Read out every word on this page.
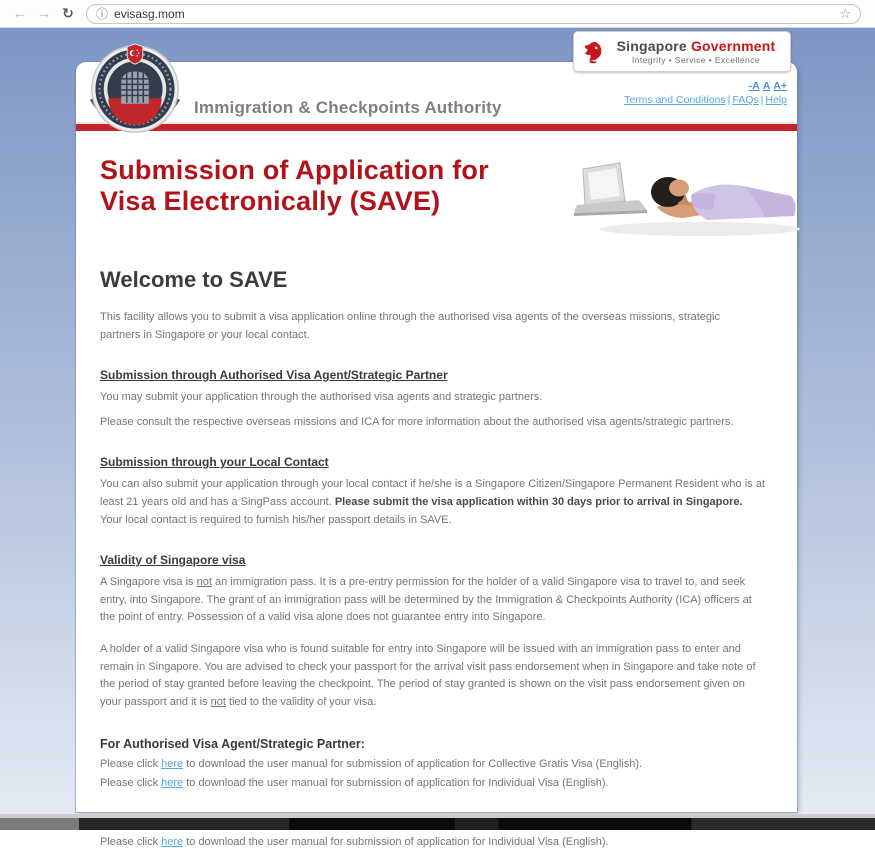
← → ↻	ⓘ evisasg.mom	☆
Singapore Government
Integrity • Service • Excellence
Immigration & Checkpoints Authority
-A A A+
Terms and Conditions | FAQs | Help
Submission of Application for
Visa Electronically (SAVE)
Welcome to SAVE

This facility allows you to submit a visa application online through the authorised visa agents of the overseas missions, strategic partners in Singapore or your local contact.

Submission through Authorised Visa Agent/Strategic Partner

You may submit your application through the authorised visa agents and strategic partners.

Please consult the respective overseas missions and ICA for more information about the authorised visa agents/strategic partners.

Submission through your Local Contact

You can also submit your application through your local contact if he/she is a Singapore Citizen/Singapore Permanent Resident who is at least 21 years old and has a SingPass account. Please submit the visa application within 30 days prior to arrival in Singapore. Your local contact is required to furnish his/her passport details in SAVE.

Validity of Singapore visa

A Singapore visa is not an immigration pass. It is a pre-entry permission for the holder of a valid Singapore visa to travel to, and seek entry, into Singapore. The grant of an immigration pass will be determined by the Immigration & Checkpoints Authority (ICA) officers at the point of entry. Possession of a valid visa alone does not guarantee entry into Singapore.

A holder of a valid Singapore visa who is found suitable for entry into Singapore will be issued with an immigration pass to enter and remain in Singapore. You are advised to check your passport for the arrival visit pass endorsement when in Singapore and take note of the period of stay granted before leaving the checkpoint. The period of stay granted is shown on the visit pass endorsement given on your passport and it is not tied to the validity of your visa.

For Authorised Visa Agent/Strategic Partner:

Please click here to download the user manual for submission of application for Collective Gratis Visa (English).

Please click here to download the user manual for submission of application for Individual Visa (English).

Please click here to download the user manual for submission of application for Individual Visa (English).
